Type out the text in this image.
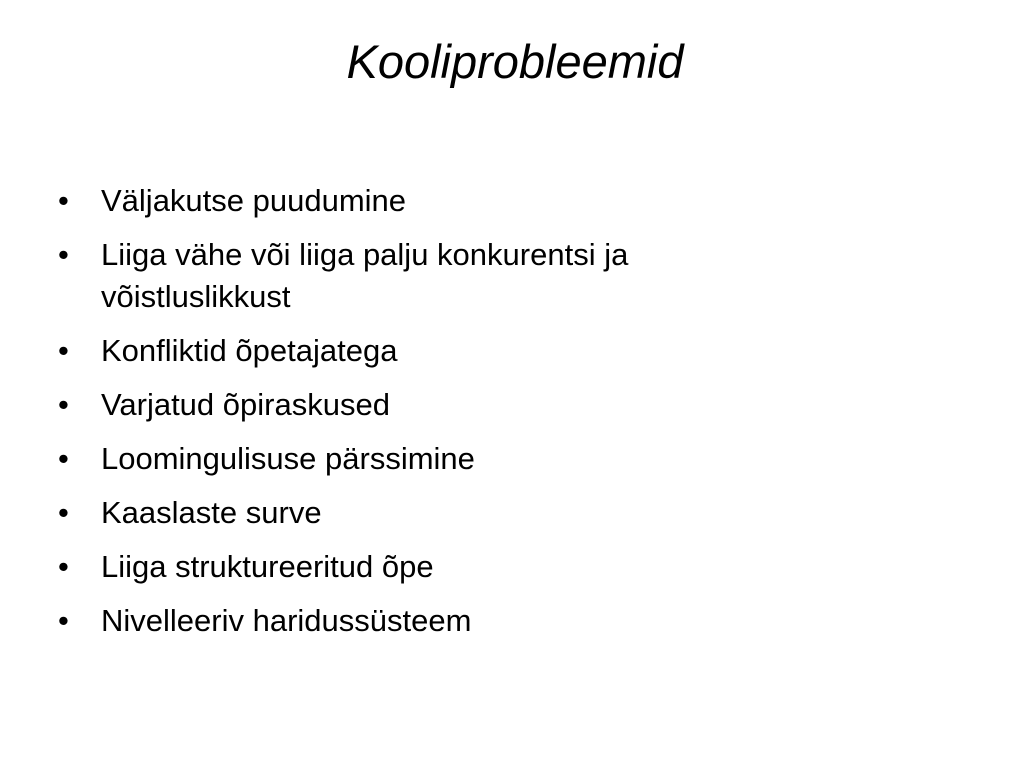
Kooliprobleemid
•	Väljakutse puudumine
•	Liiga vähe või liiga palju konkurentsi ja võistluslikkust
•	Konfliktid õpetajatega
•	Varjatud õpiraskused
•	Loomingulisuse pärssimine
•	Kaaslaste surve
•	Liiga struktureeritud õpe
•	Nivelleeriv haridussüsteem
